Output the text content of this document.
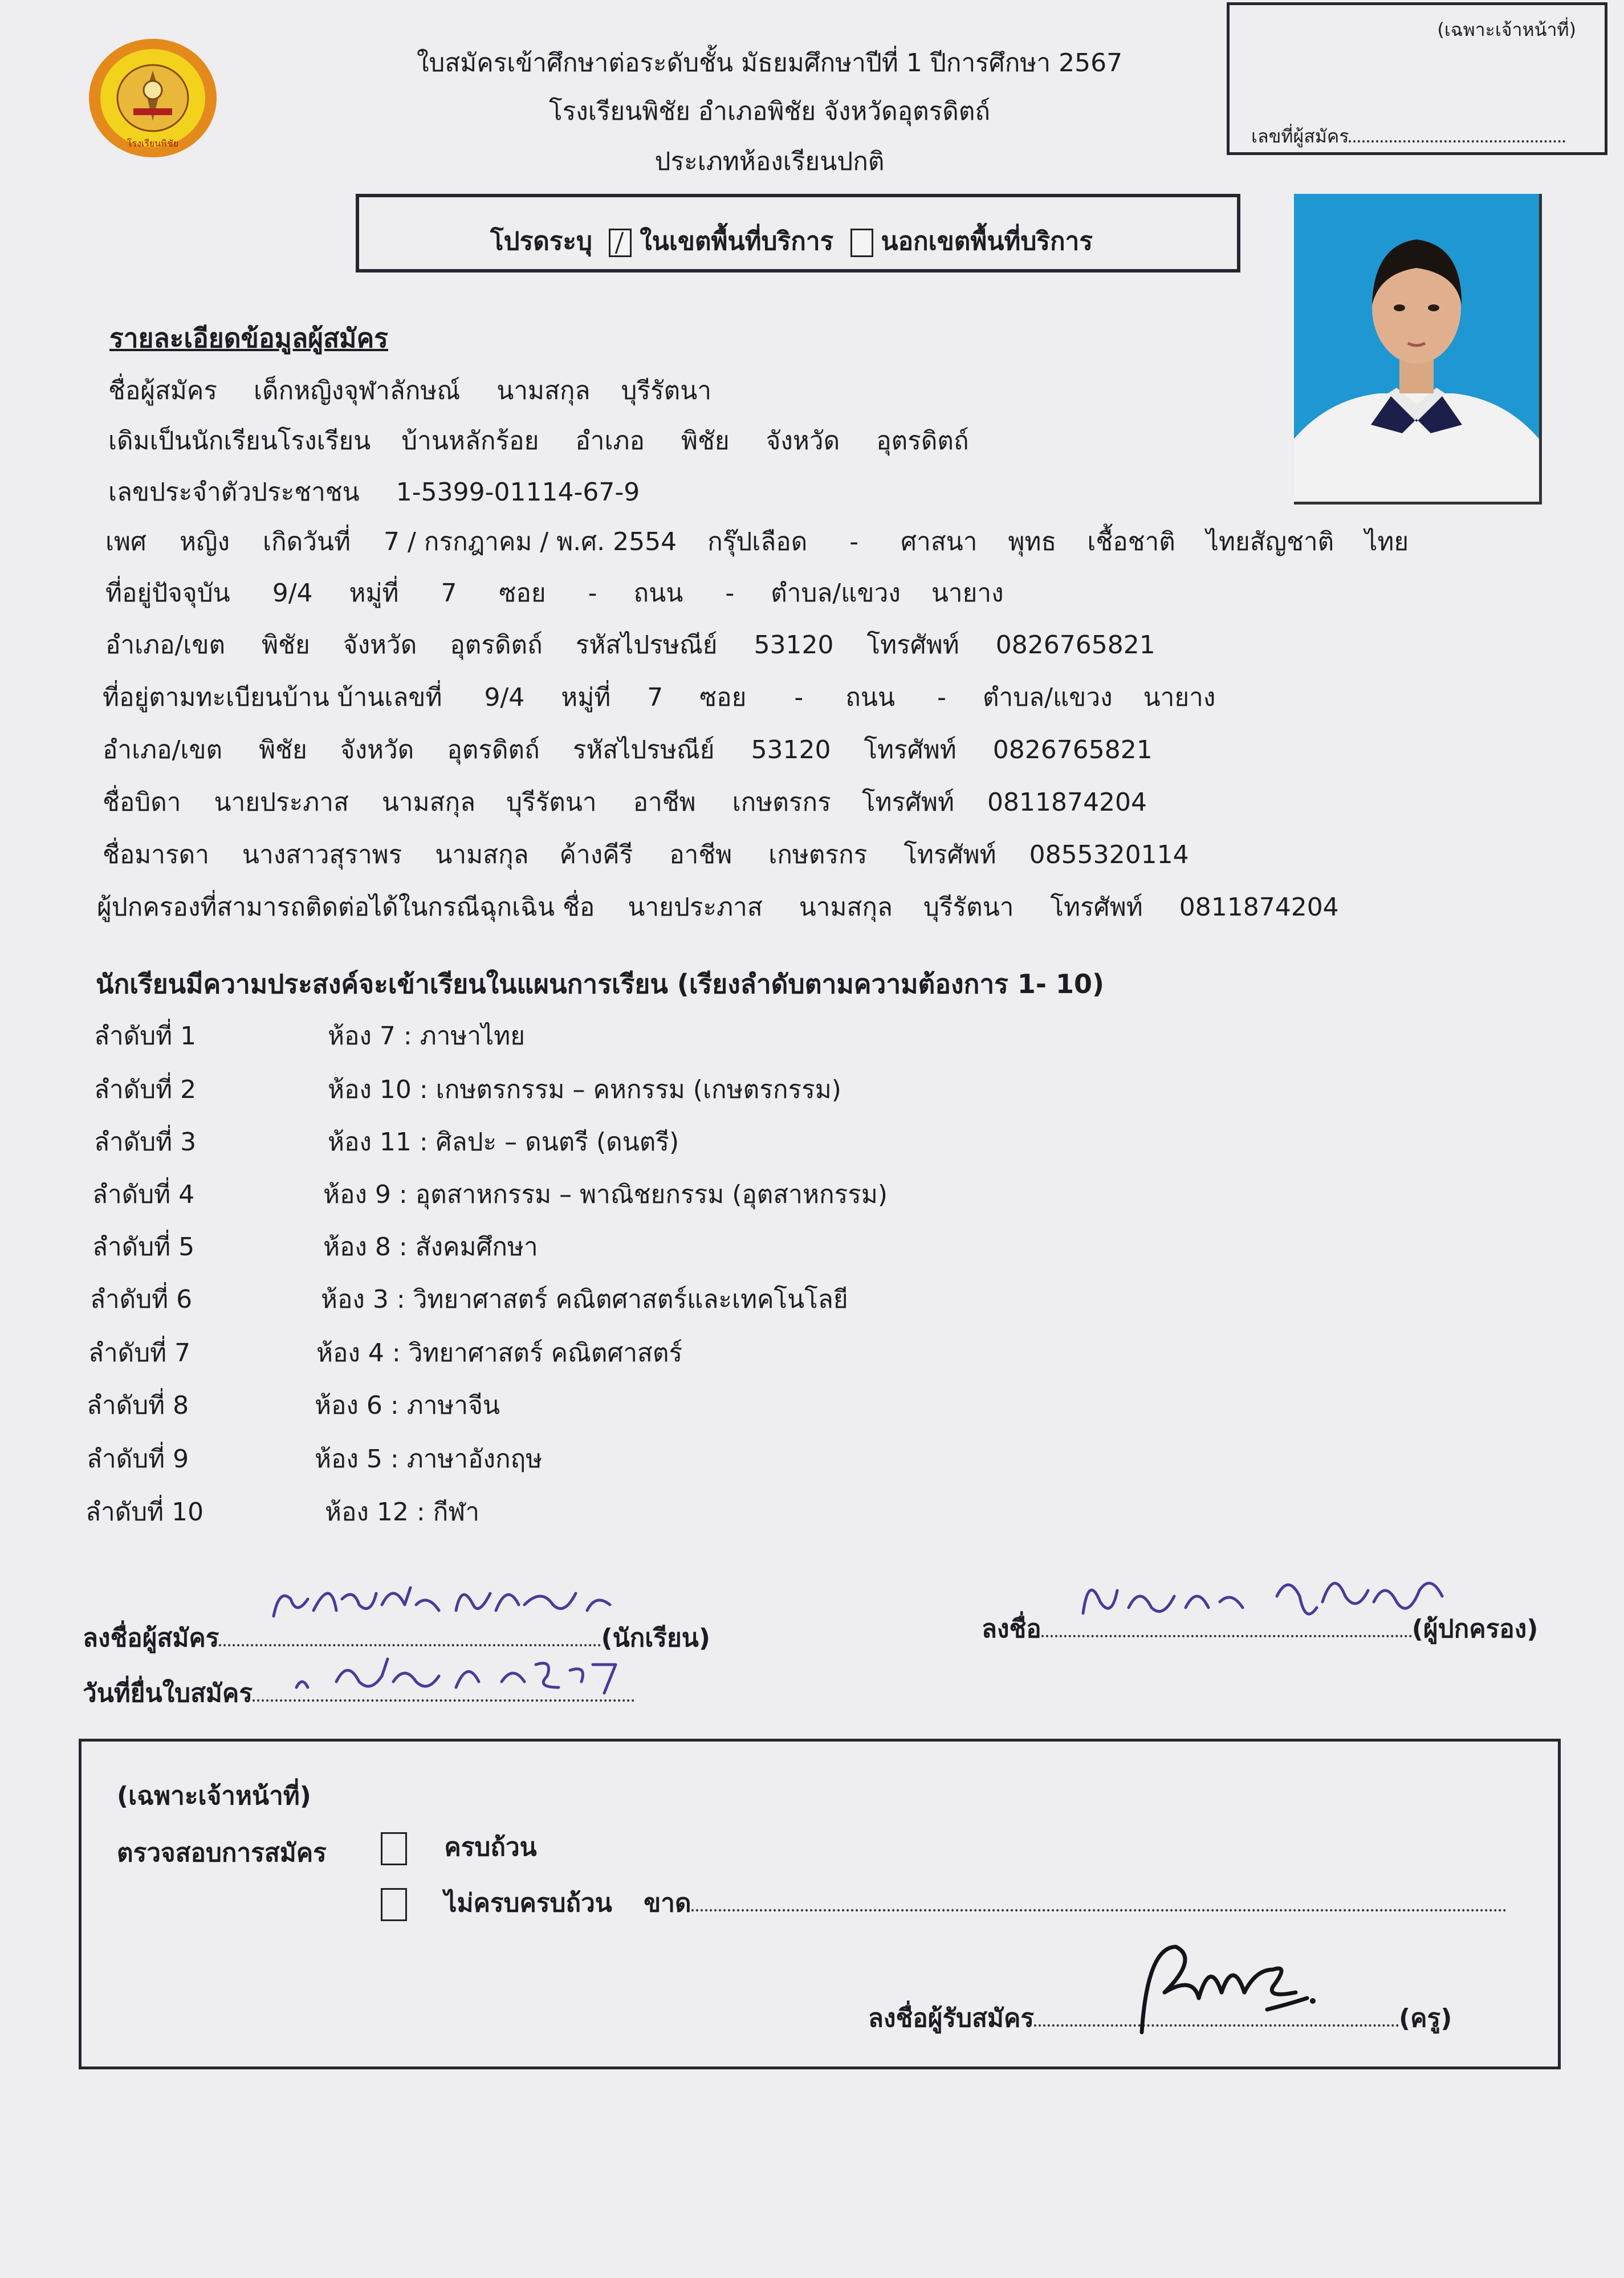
โรงเรียนพิชัย
ใบสมัครเข้าศึกษาต่อระดับชั้น มัธยมศึกษาปีที่ 1 ปีการศึกษา 2567
โรงเรียนพิชัย อำเภอพิชัย จังหวัดอุตรดิตถ์
ประเภทห้องเรียนปกติ
(เฉพาะเจ้าหน้าที่)
เลขที่ผู้สมัคร
โปรดระบุ ในเขตพื้นที่บริการ นอกเขตพื้นที่บริการ
รายละเอียดข้อมูลผู้สมัคร
ชื่อผู้สมัคร เด็กหญิงจุฬาลักษณ์ นามสกุล บุรีรัตนา
เดิมเป็นนักเรียนโรงเรียน บ้านหลักร้อย อำเภอ พิชัย จังหวัด อุตรดิตถ์
เลขประจำตัวประชาชน 1-5399-01114-67-9
เพศ หญิง เกิดวันที่ 7 / กรกฎาคม / พ.ศ. 2554 กรุ๊ปเลือด - ศาสนา พุทธ เชื้อชาติ ไทยสัญชาติ ไทย
ที่อยู่ปัจจุบัน 9/4 หมู่ที่ 7 ซอย - ถนน - ตำบล/แขวง นายาง
อำเภอ/เขต พิชัย จังหวัด อุตรดิตถ์ รหัสไปรษณีย์ 53120 โทรศัพท์ 0826765821
ที่อยู่ตามทะเบียนบ้าน บ้านเลขที่ 9/4 หมู่ที่ 7 ซอย - ถนน - ตำบล/แขวง นายาง
อำเภอ/เขต พิชัย จังหวัด อุตรดิตถ์ รหัสไปรษณีย์ 53120 โทรศัพท์ 0826765821
ชื่อบิดา นายประภาส นามสกุล บุรีรัตนา อาชีพ เกษตรกร โทรศัพท์ 0811874204
ชื่อมารดา นางสาวสุราพร นามสกุล ค้างคีรี อาชีพ เกษตรกร โทรศัพท์ 0855320114
ผู้ปกครองที่สามารถติดต่อได้ในกรณีฉุกเฉิน ชื่อ นายประภาส นามสกุล บุรีรัตนา โทรศัพท์ 0811874204
นักเรียนมีความประสงค์จะเข้าเรียนในแผนการเรียน (เรียงลำดับตามความต้องการ 1- 10)
ลำดับที่ 1	ห้อง 7 : ภาษาไทย
ลำดับที่ 2	ห้อง 10 : เกษตรกรรม – คหกรรม (เกษตรกรรม)
ลำดับที่ 3	ห้อง 11 : ศิลปะ – ดนตรี (ดนตรี)
ลำดับที่ 4	ห้อง 9 : อุตสาหกรรม – พาณิชยกรรม (อุตสาหกรรม)
ลำดับที่ 5	ห้อง 8 : สังคมศึกษา
ลำดับที่ 6	ห้อง 3 : วิทยาศาสตร์ คณิตศาสตร์และเทคโนโลยี
ลำดับที่ 7	ห้อง 4 : วิทยาศาสตร์ คณิตศาสตร์
ลำดับที่ 8	ห้อง 6 : ภาษาจีน
ลำดับที่ 9	ห้อง 5 : ภาษาอังกฤษ
ลำดับที่ 10	ห้อง 12 : กีฬา
ลงชื่อผู้สมัคร	(นักเรียน)
วันที่ยื่นใบสมัคร
ลงชื่อ	(ผู้ปกครอง)
(เฉพาะเจ้าหน้าที่)
ตรวจสอบการสมัคร	ครบถ้วน
ไม่ครบครบถ้วน ขาด
ลงชื่อผู้รับสมัคร	(ครู)
